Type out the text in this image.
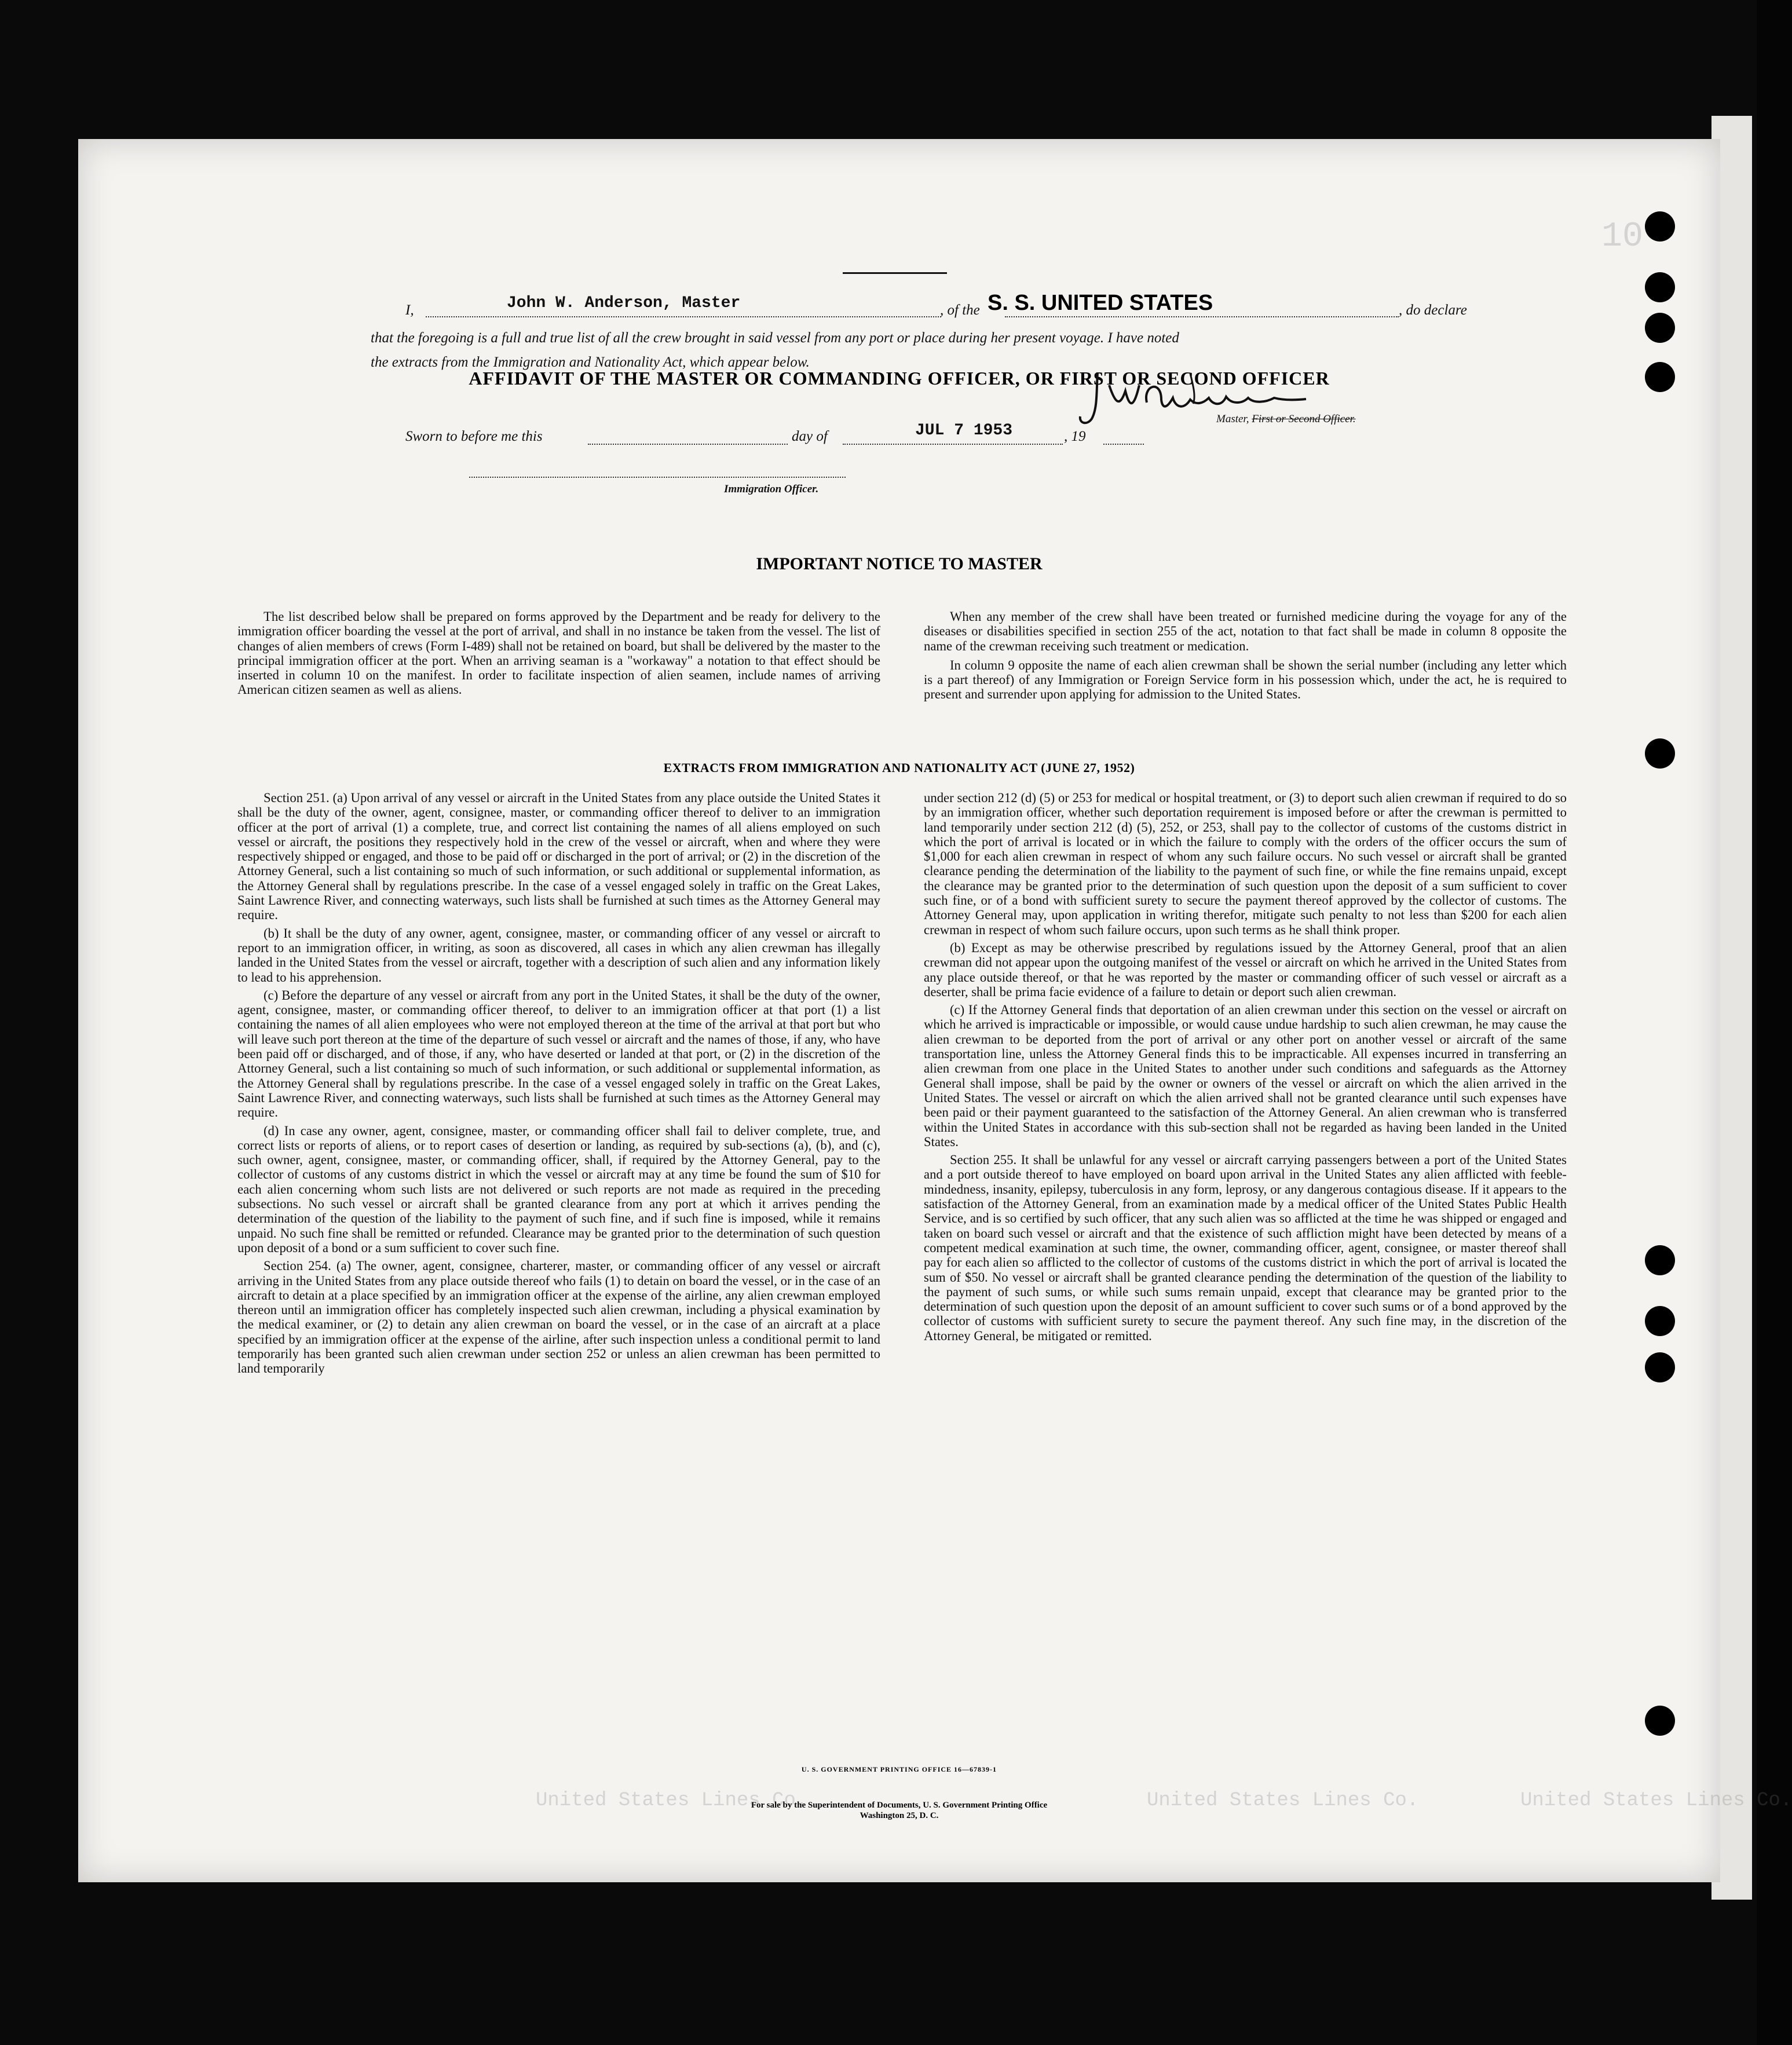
10
United States Lines Co.
United States Lines Co.
United States Lines Co.
AFFIDAVIT OF THE MASTER OR COMMANDING OFFICER, OR FIRST OR SECOND OFFICER
I,	John W. Anderson, Master	, of the S. S. UNITED STATES	, do declare
that the foregoing is a full and true list of all the crew brought in said vessel from any port or place during her present voyage. I have noted
the extracts from the Immigration and Nationality Act, which appear below.
Master, First or Second Officer.
Sworn to before me this	day of	JUL 7 1953	, 19
Immigration Officer.
IMPORTANT NOTICE TO MASTER

The list described below shall be prepared on forms approved by the Department and be ready for delivery to the immigration officer boarding the vessel at the port of arrival, and shall in no instance be taken from the vessel. The list of changes of alien members of crews (Form I-489) shall not be retained on board, but shall be delivered by the master to the principal immigration officer at the port. When an arriving seaman is a "workaway" a notation to that effect should be inserted in column 10 on the manifest. In order to facilitate inspection of alien seamen, include names of arriving American citizen seamen as well as aliens.

When any member of the crew shall have been treated or furnished medicine during the voyage for any of the diseases or disabilities specified in section 255 of the act, notation to that fact shall be made in column 8 opposite the name of the crewman receiving such treatment or medication.

In column 9 opposite the name of each alien crewman shall be shown the serial number (including any letter which is a part thereof) of any Immigration or Foreign Service form in his possession which, under the act, he is required to present and surrender upon applying for admission to the United States.

EXTRACTS FROM IMMIGRATION AND NATIONALITY ACT (JUNE 27, 1952)

Section 251. (a) Upon arrival of any vessel or aircraft in the United States from any place outside the United States it shall be the duty of the owner, agent, consignee, master, or commanding officer thereof to deliver to an immigration officer at the port of arrival (1) a complete, true, and correct list containing the names of all aliens employed on such vessel or aircraft, the positions they respectively hold in the crew of the vessel or aircraft, when and where they were respectively shipped or engaged, and those to be paid off or discharged in the port of arrival; or (2) in the discretion of the Attorney General, such a list containing so much of such information, or such additional or supplemental information, as the Attorney General shall by regulations prescribe. In the case of a vessel engaged solely in traffic on the Great Lakes, Saint Lawrence River, and connecting waterways, such lists shall be furnished at such times as the Attorney General may require.

(b) It shall be the duty of any owner, agent, consignee, master, or commanding officer of any vessel or aircraft to report to an immigration officer, in writing, as soon as discovered, all cases in which any alien crewman has illegally landed in the United States from the vessel or aircraft, together with a description of such alien and any information likely to lead to his apprehension.

(c) Before the departure of any vessel or aircraft from any port in the United States, it shall be the duty of the owner, agent, consignee, master, or commanding officer thereof, to deliver to an immigration officer at that port (1) a list containing the names of all alien employees who were not employed thereon at the time of the arrival at that port but who will leave such port thereon at the time of the departure of such vessel or aircraft and the names of those, if any, who have been paid off or discharged, and of those, if any, who have deserted or landed at that port, or (2) in the discretion of the Attorney General, such a list containing so much of such information, or such additional or supplemental information, as the Attorney General shall by regulations prescribe. In the case of a vessel engaged solely in traffic on the Great Lakes, Saint Lawrence River, and connecting waterways, such lists shall be furnished at such times as the Attorney General may require.

(d) In case any owner, agent, consignee, master, or commanding officer shall fail to deliver complete, true, and correct lists or reports of aliens, or to report cases of desertion or landing, as required by sub-sections (a), (b), and (c), such owner, agent, consignee, master, or commanding officer, shall, if required by the Attorney General, pay to the collector of customs of any customs district in which the vessel or aircraft may at any time be found the sum of $10 for each alien concerning whom such lists are not delivered or such reports are not made as required in the preceding subsections. No such vessel or aircraft shall be granted clearance from any port at which it arrives pending the determination of the question of the liability to the payment of such fine, and if such fine is imposed, while it remains unpaid. No such fine shall be remitted or refunded. Clearance may be granted prior to the determination of such question upon deposit of a bond or a sum sufficient to cover such fine.

Section 254. (a) The owner, agent, consignee, charterer, master, or commanding officer of any vessel or aircraft arriving in the United States from any place outside thereof who fails (1) to detain on board the vessel, or in the case of an aircraft to detain at a place specified by an immigration officer at the expense of the airline, any alien crewman employed thereon until an immigration officer has completely inspected such alien crewman, including a physical examination by the medical examiner, or (2) to detain any alien crewman on board the vessel, or in the case of an aircraft at a place specified by an immigration officer at the expense of the airline, after such inspection unless a conditional permit to land temporarily has been granted such alien crewman under section 252 or unless an alien crewman has been permitted to land temporarily

under section 212 (d) (5) or 253 for medical or hospital treatment, or (3) to deport such alien crewman if required to do so by an immigration officer, whether such deportation requirement is imposed before or after the crewman is permitted to land temporarily under section 212 (d) (5), 252, or 253, shall pay to the collector of customs of the customs district in which the port of arrival is located or in which the failure to comply with the orders of the officer occurs the sum of $1,000 for each alien crewman in respect of whom any such failure occurs. No such vessel or aircraft shall be granted clearance pending the determination of the liability to the payment of such fine, or while the fine remains unpaid, except the clearance may be granted prior to the determination of such question upon the deposit of a sum sufficient to cover such fine, or of a bond with sufficient surety to secure the payment thereof approved by the collector of customs. The Attorney General may, upon application in writing therefor, mitigate such penalty to not less than $200 for each alien crewman in respect of whom such failure occurs, upon such terms as he shall think proper.

(b) Except as may be otherwise prescribed by regulations issued by the Attorney General, proof that an alien crewman did not appear upon the outgoing manifest of the vessel or aircraft on which he arrived in the United States from any place outside thereof, or that he was reported by the master or commanding officer of such vessel or aircraft as a deserter, shall be prima facie evidence of a failure to detain or deport such alien crewman.

(c) If the Attorney General finds that deportation of an alien crewman under this section on the vessel or aircraft on which he arrived is impracticable or impossible, or would cause undue hardship to such alien crewman, he may cause the alien crewman to be deported from the port of arrival or any other port on another vessel or aircraft of the same transportation line, unless the Attorney General finds this to be impracticable. All expenses incurred in transferring an alien crewman from one place in the United States to another under such conditions and safeguards as the Attorney General shall impose, shall be paid by the owner or owners of the vessel or aircraft on which the alien arrived in the United States. The vessel or aircraft on which the alien arrived shall not be granted clearance until such expenses have been paid or their payment guaranteed to the satisfaction of the Attorney General. An alien crewman who is transferred within the United States in accordance with this sub-section shall not be regarded as having been landed in the United States.

Section 255. It shall be unlawful for any vessel or aircraft carrying passengers between a port of the United States and a port outside thereof to have employed on board upon arrival in the United States any alien afflicted with feeble-mindedness, insanity, epilepsy, tuberculosis in any form, leprosy, or any dangerous contagious disease. If it appears to the satisfaction of the Attorney General, from an examination made by a medical officer of the United States Public Health Service, and is so certified by such officer, that any such alien was so afflicted at the time he was shipped or engaged and taken on board such vessel or aircraft and that the existence of such affliction might have been detected by means of a competent medical examination at such time, the owner, commanding officer, agent, consignee, or master thereof shall pay for each alien so afflicted to the collector of customs of the customs district in which the port of arrival is located the sum of $50. No vessel or aircraft shall be granted clearance pending the determination of the question of the liability to the payment of such sums, or while such sums remain unpaid, except that clearance may be granted prior to the determination of such question upon the deposit of an amount sufficient to cover such sums or of a bond approved by the collector of customs with sufficient surety to secure the payment thereof. Any such fine may, in the discretion of the Attorney General, be mitigated or remitted.

U. S. GOVERNMENT PRINTING OFFICE 16—67839-1
For sale by the Superintendent of Documents, U. S. Government Printing Office
Washington 25, D. C.
